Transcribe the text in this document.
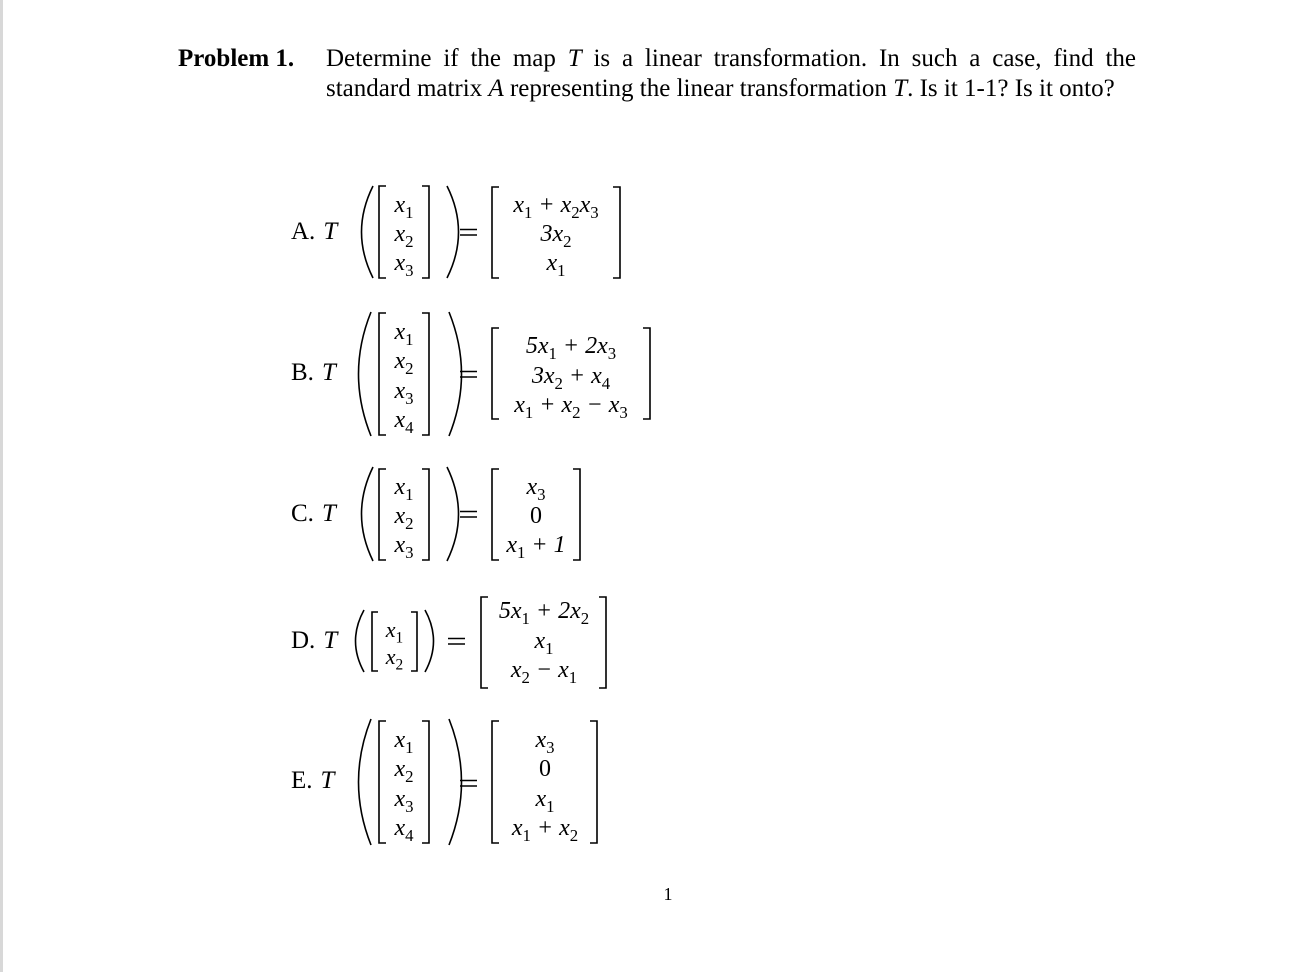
Problem 1. Determine if the map T is a linear transformation. In such a case, find the standard matrix A representing the linear transformation T. Is it 1-1? Is it onto?
A. T
$x_1$
$x_2$
$x_3$
$x_1 + x_2x_3$
$3x_2$
$x_1$
B. T
$x_1$
$x_2$
$x_3$
$x_4$
$5x_1 + 2x_3$
$3x_2 + x_4$
$x_1 + x_2 - x_3$
C. T
$x_1$
$x_2$
$x_3$
$x_3$
0
$x_1 + 1$
D. T	$x_1$
$x_2$
$5x_1 + 2x_2$
$x_1$
$x_2 - x_1$
E. T
$x_1$
$x_2$
$x_3$
$x_4$
$x_3$
0
$x_1$
$x_1 + x_2$
1
